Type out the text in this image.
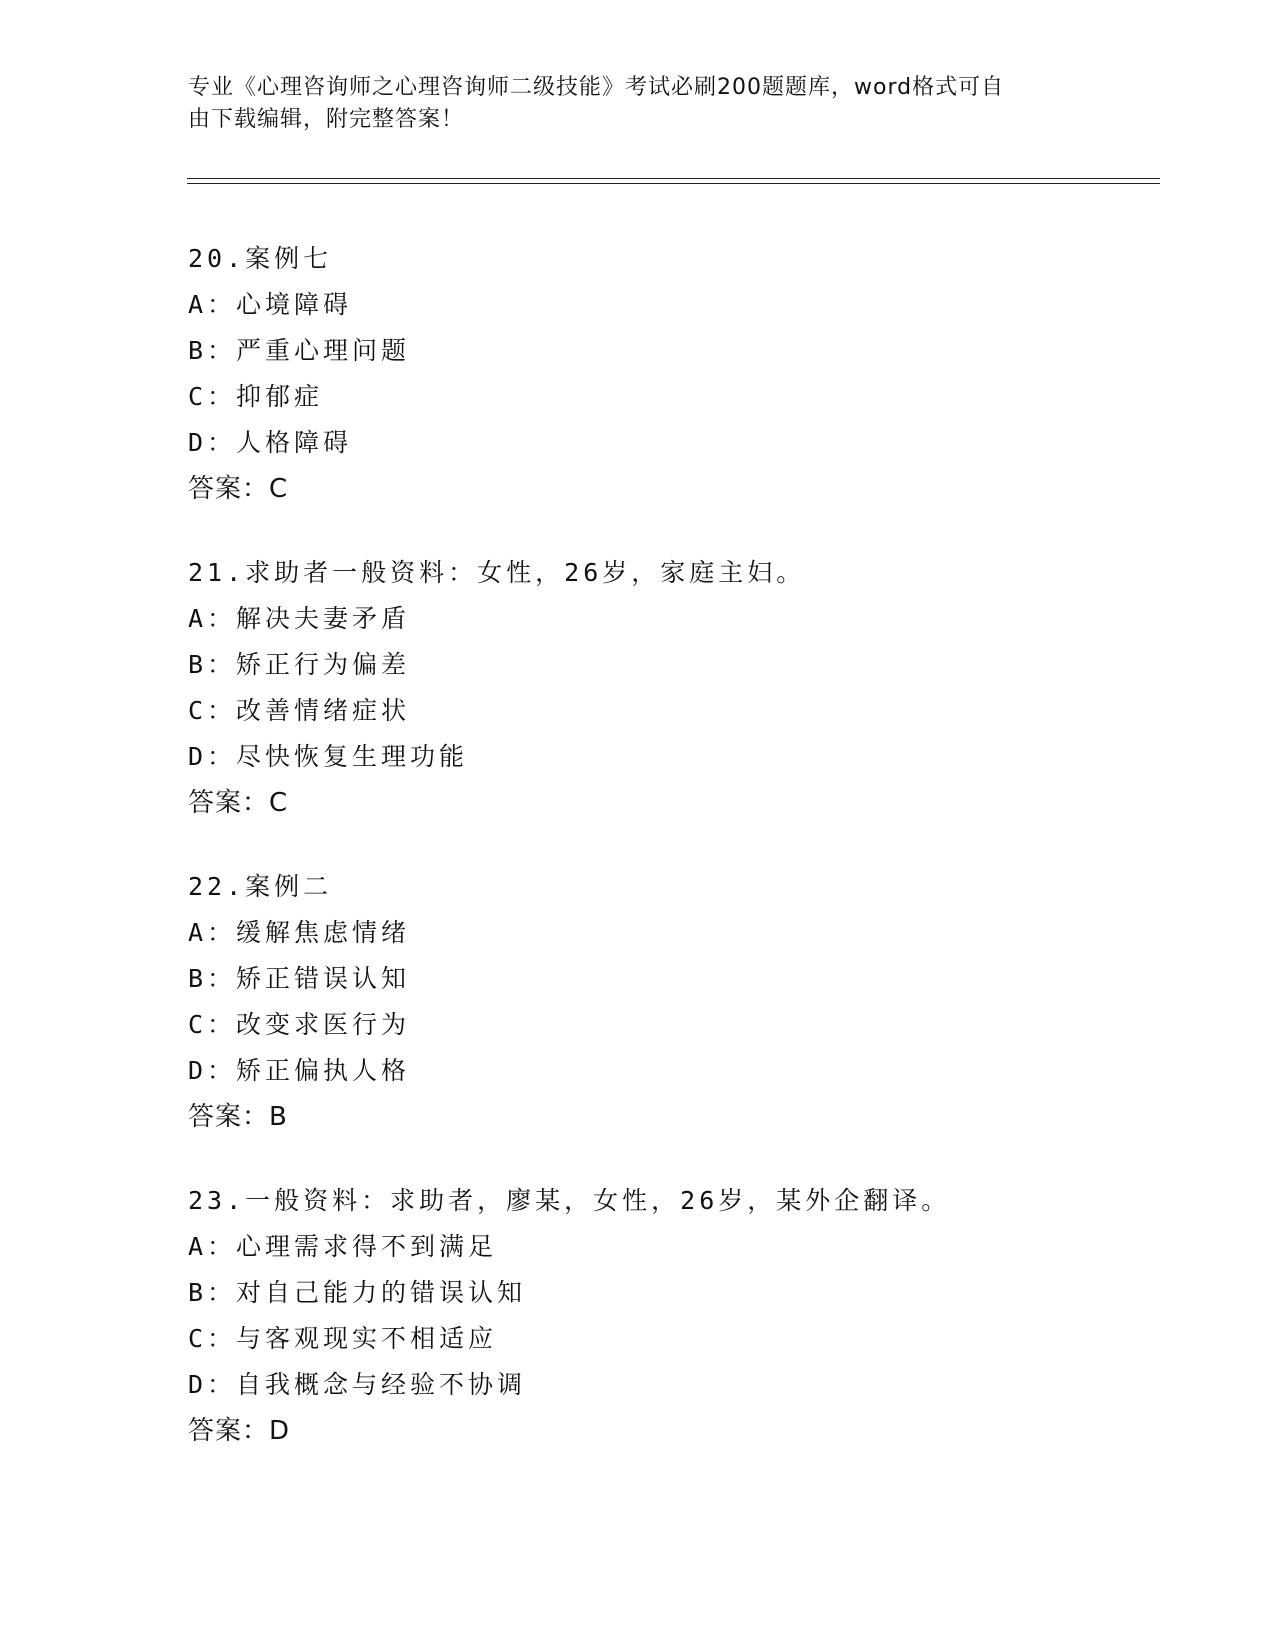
专业《心理咨询师之心理咨询师二级技能》考试必刷200题题库，word格式可自
由下载编辑，附完整答案！
20.案例七
A：心境障碍
B：严重心理问题
C：抑郁症
D：人格障碍
答案：C
21.求助者一般资料：女性，26岁，家庭主妇。
A：解决夫妻矛盾
B：矫正行为偏差
C：改善情绪症状
D：尽快恢复生理功能
答案：C
22.案例二
A：缓解焦虑情绪
B：矫正错误认知
C：改变求医行为
D：矫正偏执人格
答案：B
23.一般资料：求助者，廖某，女性，26岁，某外企翻译。
A：心理需求得不到满足
B：对自己能力的错误认知
C：与客观现实不相适应
D：自我概念与经验不协调
答案：D
